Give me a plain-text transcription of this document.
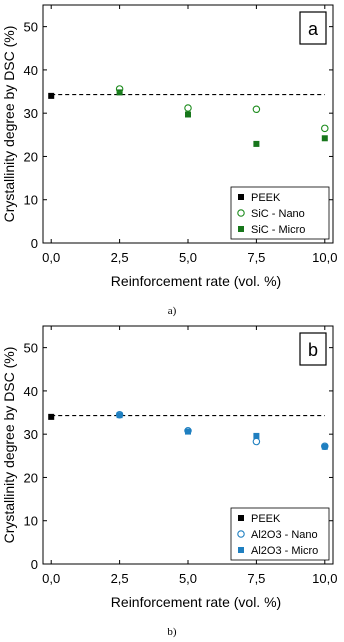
0
10
20
30
40
50
0,0	2,5	5,0	7,5	10,0
Reinforcement rate (vol. %)
Crystallinity degree by DSC (%)	a
PEEK
SiC - Nano
SiC - Micro
0
10
20
30
40
50
0,0	2,5	5,0	7,5	10,0
Reinforcement rate (vol. %)
Crystallinity degree by DSC (%)	b
PEEK
Al2O3 - Nano
Al2O3 - Micro
a)
b)
